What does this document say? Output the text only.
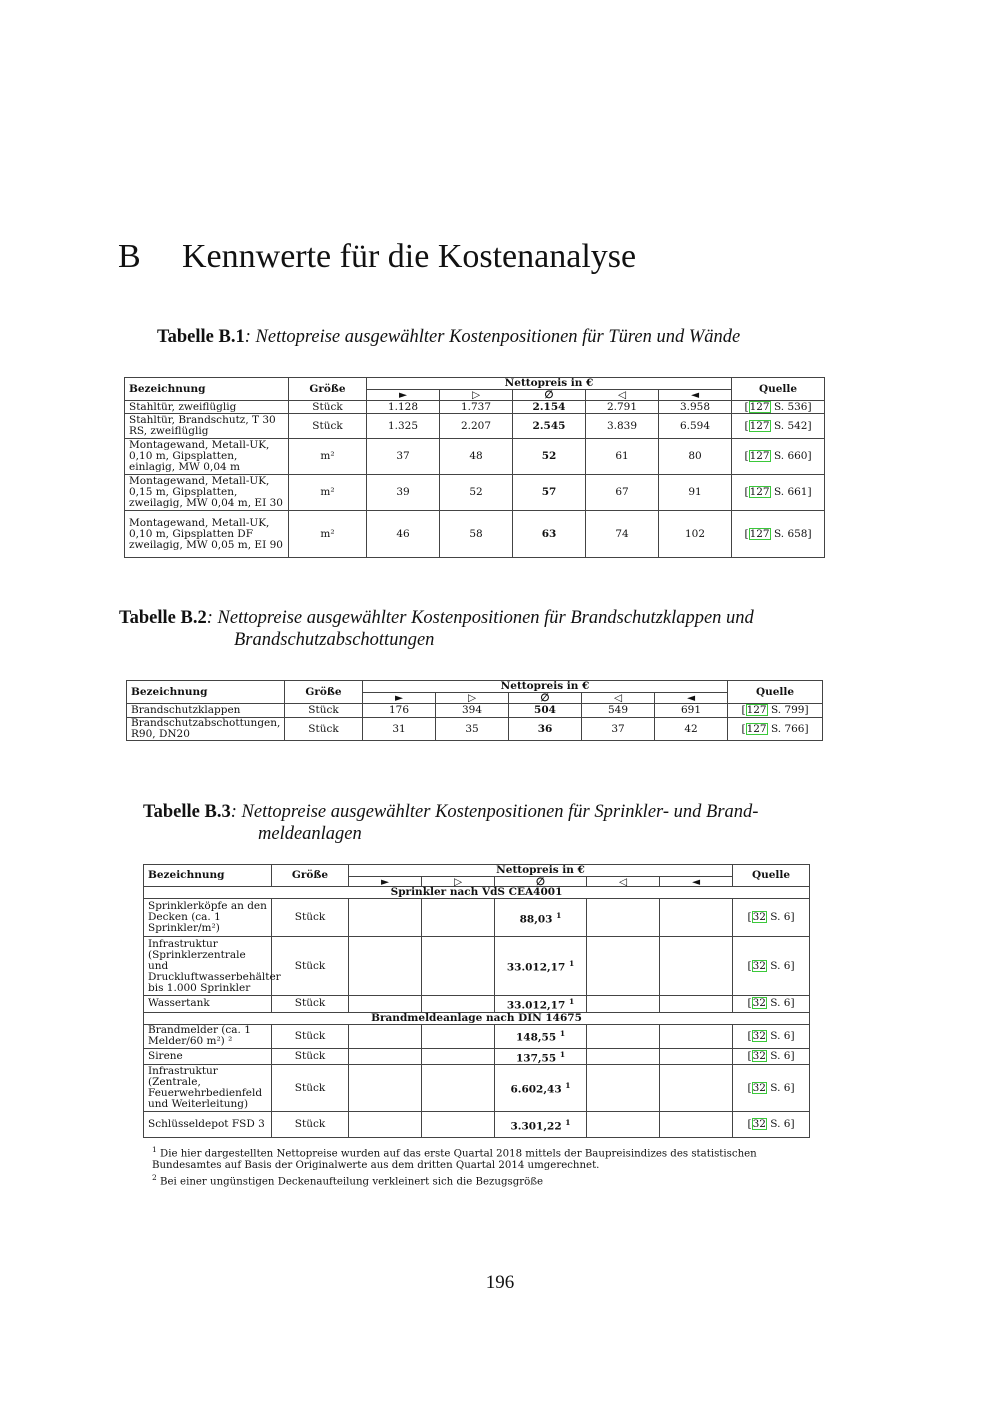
B Kennwerte für die Kostenanalyse
Tabelle B.1: Nettopreise ausgewählter Kostenpositionen für Türen und Wände
Bezeichnung	Größe	Nettopreis in €					Quelle
		►	▷	∅	◁	◄	
Stahltür, zweiflüglig	Stück	1.128	1.737	2.154	2.791	3.958	[127 S. 536]
Stahltür, Brandschutz, T 30 RS, zweiflüglig	Stück	1.325	2.207	2.545	3.839	6.594	[127 S. 542]
Montagewand, Metall-UK, 0,10 m, Gipsplatten, einlagig, MW 0,04 m	m²	37	48	52	61	80	[127 S. 660]
Montagewand, Metall-UK, 0,15 m, Gipsplatten, zweilagig, MW 0,04 m, EI 30	m²	39	52	57	67	91	[127 S. 661]
Montagewand, Metall-UK, 0,10 m, Gipsplatten DF zweilagig, MW 0,05 m, EI 90	m²	46	58	63	74	102	[127 S. 658]
Tabelle B.2: Nettopreise ausgewählter Kostenpositionen für Brandschutzklappen und
Brandschutzabschottungen
Bezeichnung	Größe	Nettopreis in €					Quelle
		►	▷	∅	◁	◄	
Brandschutzklappen	Stück	176	394	504	549	691	[127 S. 799]
Brandschutzabschottungen, R90, DN20	Stück	31	35	36	37	42	[127 S. 766]
Tabelle B.3: Nettopreise ausgewählter Kostenpositionen für Sprinkler- und Brand-
meldeanlagen
Bezeichnung	Größe	Nettopreis in €					Quelle
		►	▷	∅	◁	◄	
Sprinkler nach VdS CEA4001							
Sprinklerköpfe an den Decken (ca. 1 Sprinkler/m²)	Stück			88,03 $^1$			[32 S. 6]
Infrastruktur (Sprinklerzentrale und Druckluftwasserbehälter bis 1.000 Sprinkler	Stück			33.012,17 $^1$			[32 S. 6]
Wassertank	Stück			33.012,17 $^1$			[32 S. 6]
Brandmeldeanlage nach DIN 14675							
Brandmelder (ca. 1 Melder/60 m²) ²	Stück			148,55 $^1$			[32 S. 6]
Sirene	Stück			137,55 $^1$			[32 S. 6]
Infrastruktur (Zentrale, Feuerwehrbedienfeld und Weiterleitung)	Stück			6.602,43 $^1$			[32 S. 6]
Schlüsseldepot FSD 3	Stück			3.301,22 $^1$			[32 S. 6]
$^1$ Die hier dargestellten Nettopreise wurden auf das erste Quartal 2018 mittels der Baupreisindizes des statistischen Bundesamtes auf Basis der Originalwerte aus dem dritten Quartal 2014 umgerechnet.
$^2$ Bei einer ungünstigen Deckenaufteilung verkleinert sich die Bezugsgröße
196
